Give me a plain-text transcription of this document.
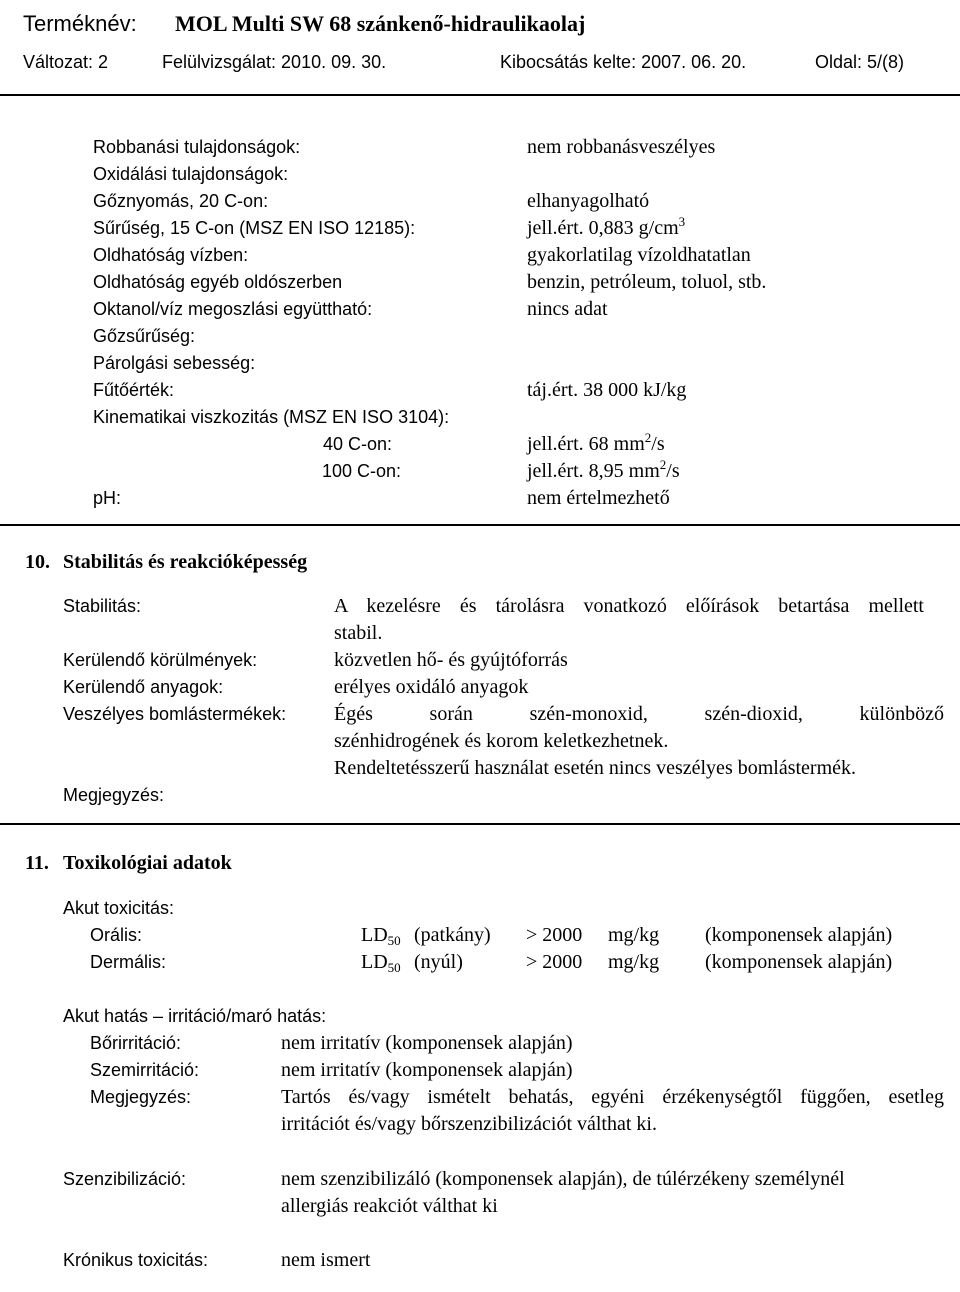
Terméknév: MOL Multi SW 68 szánkenő-hidraulikaolaj
Változat: 2	Felülvizsgálat: 2010. 09. 30.	Kibocsátás kelte: 2007. 06. 20.	Oldal: 5/(8)
Robbanási tulajdonságok:	nem robbanásveszélyes
Oxidálási tulajdonságok:
Gőznyomás, 20 C-on:	elhanyagolható
Sűrűség, 15 C-on (MSZ EN ISO 12185):	jell.ért. 0,883 $g/cm^3$
Oldhatóság vízben:	gyakorlatilag vízoldhatatlan
Oldhatóság egyéb oldószerben	benzin, petróleum, toluol, stb.
Oktanol/víz megoszlási együttható:	nincs adat
Gőzsűrűség:
Párolgási sebesség:
Fűtőérték:	táj.ért. 38 000 kJ/kg
Kinematikai viszkozitás (MSZ EN ISO 3104):
40 C-on:	jell.ért. 68 $mm^2/s$
100 C-on:	jell.ért. 8,95 $mm^2/s$
pH:	nem értelmezhető
10. Stabilitás és reakcióképesség
Stabilitás:	A kezelésre és tárolásra vonatkozó előírások betartása mellett
stabil.
Kerülendő körülmények:	közvetlen hő- és gyújtóforrás
Kerülendő anyagok:	erélyes oxidáló anyagok
Veszélyes bomlástermékek: Égés során szén-monoxid, szén-dioxid, különböző
szénhidrogének és korom keletkezhetnek.
Rendeltetésszerű használat esetén nincs veszélyes bomlástermék.
Megjegyzés:
11. Toxikológiai adatok
Akut toxicitás:
Orális:	$LD_{50}$ (patkány) > 2000 mg/kg (komponensek alapján)
Dermális:	$LD_{50}$ (nyúl)	> 2000 mg/kg (komponensek alapján)
Akut hatás – irritáció/maró hatás:
Bőrirritáció:	nem irritatív (komponensek alapján)
Szemirritáció:	nem irritatív (komponensek alapján)
Megjegyzés:	Tartós és/vagy ismételt behatás, egyéni érzékenységtől függően, esetleg
irritációt és/vagy bőrszenzibilizációt válthat ki.
Szenzibilizáció:	nem szenzibilizáló (komponensek alapján), de túlérzékeny személynél
allergiás reakciót válthat ki
Krónikus toxicitás:	nem ismert
